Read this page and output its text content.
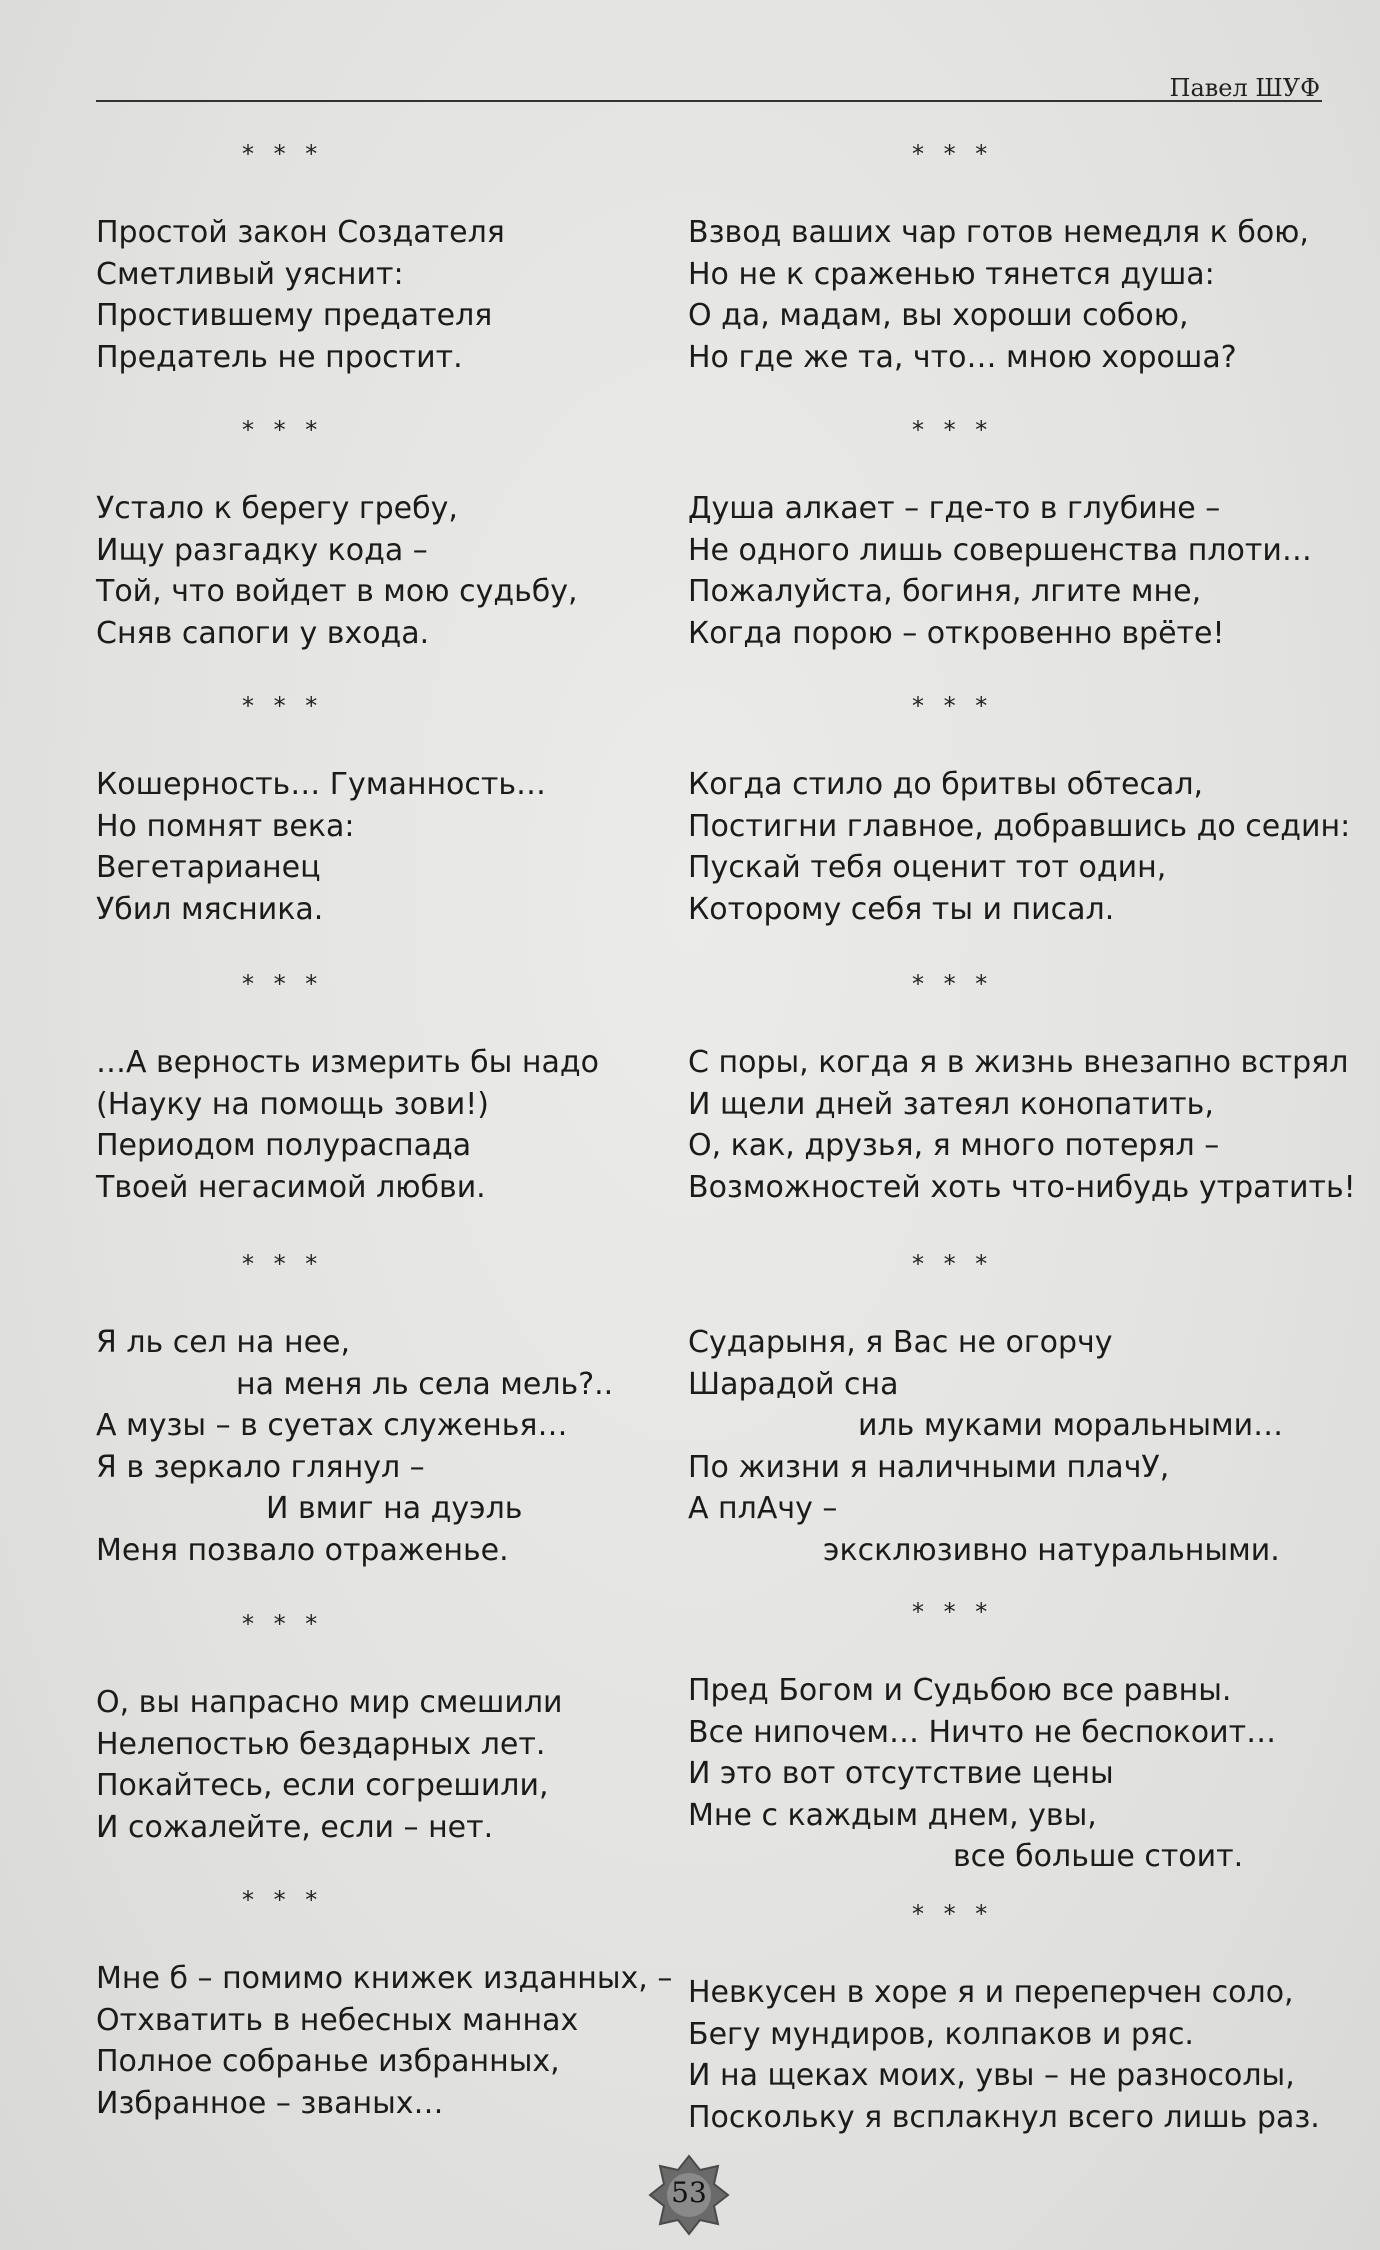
Павел ШУФ
* * *
Простой закон Создателя
Сметливый уяснит:
Простившему предателя
Предатель не простит.
* * *
Устало к берегу гребу,
Ищу разгадку кода –
Той, что войдет в мою судьбу,
Сняв сапоги у входа.
* * *
Кошерность… Гуманность…
Но помнят века:
Вегетарианец
Убил мясника.
* * *
…А верность измерить бы надо
(Науку на помощь зови!)
Периодом полураспада
Твоей негасимой любви.
* * *
Я ль сел на нее,
на меня ль села мель?..
А музы – в суетах служенья…
Я в зеркало глянул –
И вмиг на дуэль
Меня позвало отраженье.
* * *
О, вы напрасно мир смешили
Нелепостью бездарных лет.
Покайтесь, если согрешили,
И сожалейте, если – нет.
* * *
Мне б – помимо книжек изданных, –
Отхватить в небесных маннах
Полное собранье избранных,
Избранное – званых…
* * *
Взвод ваших чар готов немедля к бою,
Но не к сраженью тянется душа:
О да, мадам, вы хороши собою,
Но где же та, что… мною хороша?
* * *
Душа алкает – где-то в глубине –
Не одного лишь совершенства плоти…
Пожалуйста, богиня, лгите мне,
Когда порою – откровенно врёте!
* * *
Когда стило до бритвы обтесал,
Постигни главное, добравшись до седин:
Пускай тебя оценит тот один,
Которому себя ты и писал.
* * *
С поры, когда я в жизнь внезапно встрял
И щели дней затеял конопатить,
О, как, друзья, я много потерял –
Возможностей хоть что-нибудь утратить!
* * *
Сударыня, я Вас не огорчу
Шарадой сна
иль муками моральными…
По жизни я наличными плачУ,
А плАчу –
эксклюзивно натуральными.
* * *
Пред Богом и Судьбою все равны.
Все нипочем… Ничто не беспокоит…
И это вот отсутствие цены
Мне с каждым днем, увы,
все больше стоит.
* * *
Невкусен в хоре я и переперчен соло,
Бегу мундиров, колпаков и ряс.
И на щеках моих, увы – не разносолы,
Поскольку я всплакнул всего лишь раз.
53
